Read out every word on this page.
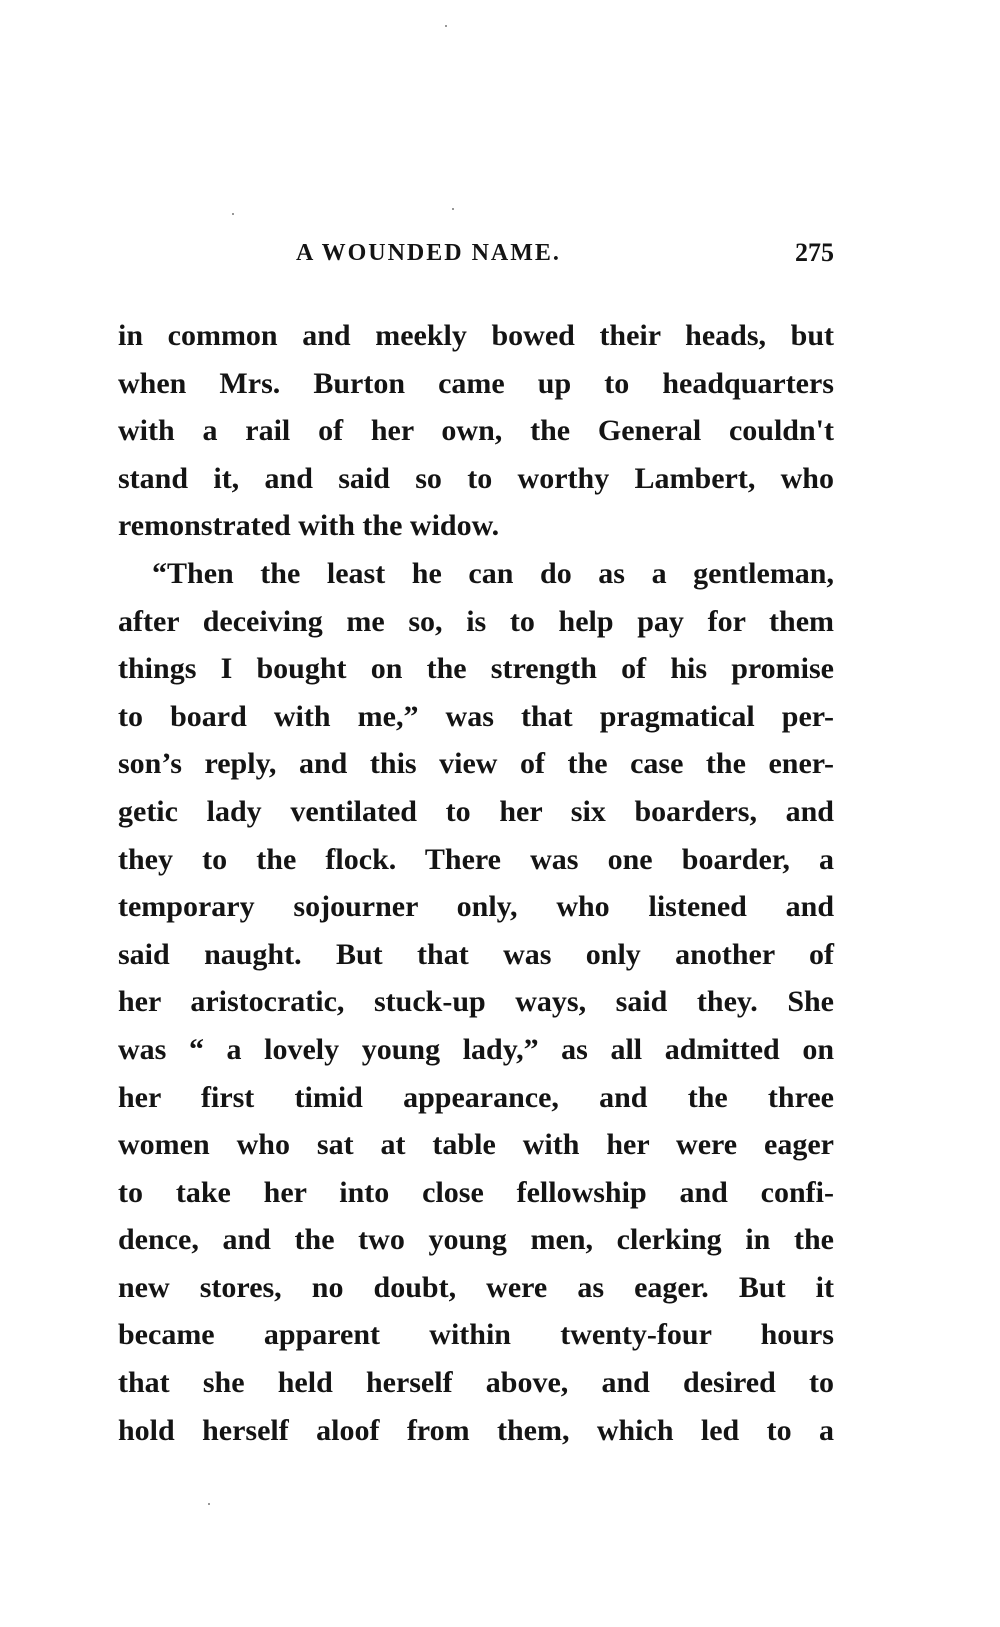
A WOUNDED NAME.	275
in common and meekly bowed their heads, but
when Mrs. Burton came up to headquarters
with a rail of her own, the General couldn't
stand it, and said so to worthy Lambert, who
remonstrated with the widow.
“Then the least he can do as a gentleman,
after deceiving me so, is to help pay for them
things I bought on the strength of his promise
to board with me,” was that pragmatical per-
son’s reply, and this view of the case the ener-
getic lady ventilated to her six boarders, and
they to the flock. There was one boarder, a
temporary sojourner only, who listened and
said naught. But that was only another of
her aristocratic, stuck-up ways, said they. She
was “ a lovely young lady,” as all admitted on
her first timid appearance, and the three
women who sat at table with her were eager
to take her into close fellowship and confi-
dence, and the two young men, clerking in the
new stores, no doubt, were as eager. But it
became apparent within twenty-four hours
that she held herself above, and desired to
hold herself aloof from them, which led to a
